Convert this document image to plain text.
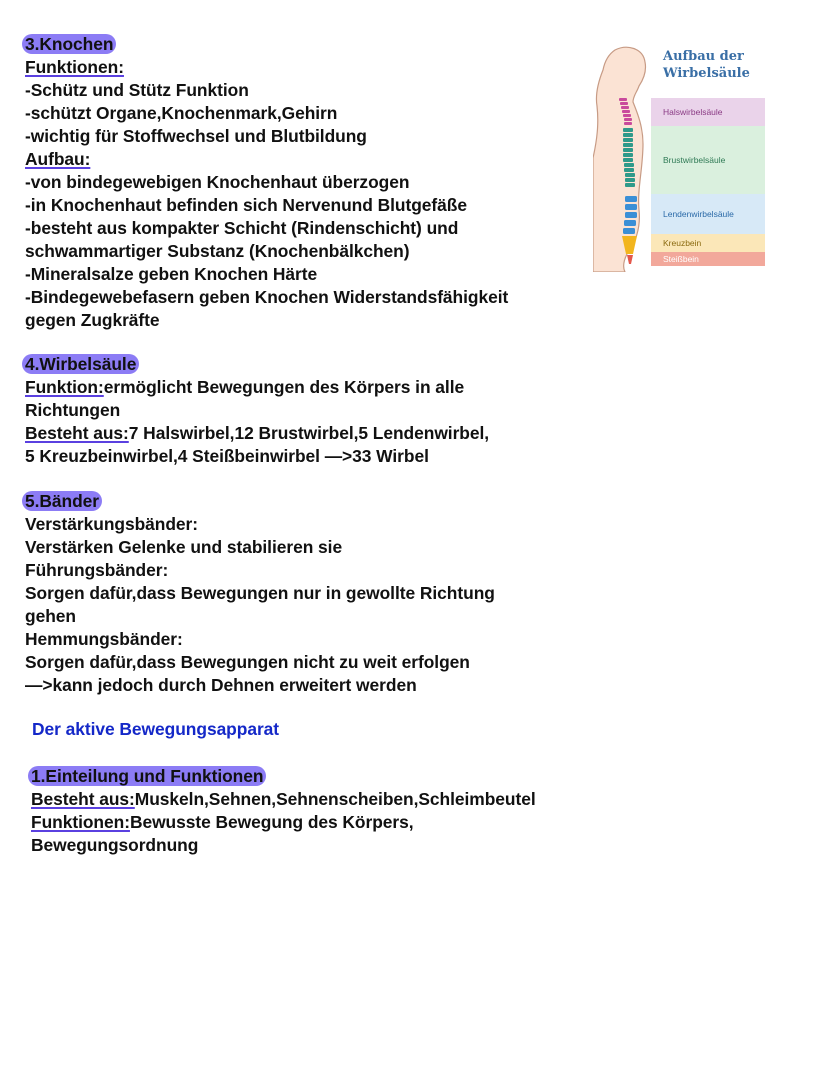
3.Knochen
Funktionen:
-Schütz und Stütz Funktion
-schützt Organe,Knochenmark,Gehirn
-wichtig für Stoffwechsel und Blutbildung
Aufbau:
-von bindegewebigen Knochenhaut überzogen
-in Knochenhaut befinden sich Nervenund Blutgefäße
-besteht aus kompakter Schicht (Rindenschicht) und
schwammartiger Substanz (Knochenbälkchen)
-Mineralsalze geben Knochen Härte
-Bindegewebefasern geben Knochen Widerstandsfähigkeit
gegen Zugkräfte
4.Wirbelsäule
Funktion:ermöglicht Bewegungen des Körpers in alle
Richtungen
Besteht aus:7 Halswirbel,12 Brustwirbel,5 Lendenwirbel,
5 Kreuzbeinwirbel,4 Steißbeinwirbel —>33 Wirbel
5.Bänder
Verstärkungsbänder:
Verstärken Gelenke und stabilieren sie
Führungsbänder:
Sorgen dafür,dass Bewegungen nur in gewollte Richtung
gehen
Hemmungsbänder:
Sorgen dafür,dass Bewegungen nicht zu weit erfolgen
—>kann jedoch durch Dehnen erweitert werden
Der aktive Bewegungsapparat
1.Einteilung und Funktionen
Besteht aus:Muskeln,Sehnen,Sehnenscheiben,Schleimbeutel
Funktionen:Bewusste Bewegung des Körpers,
Bewegungsordnung
Aufbau der
Wirbelsäule
Halswirbelsäule
Brustwirbelsäule
Lendenwirbelsäule
Kreuzbein
Steißbein
